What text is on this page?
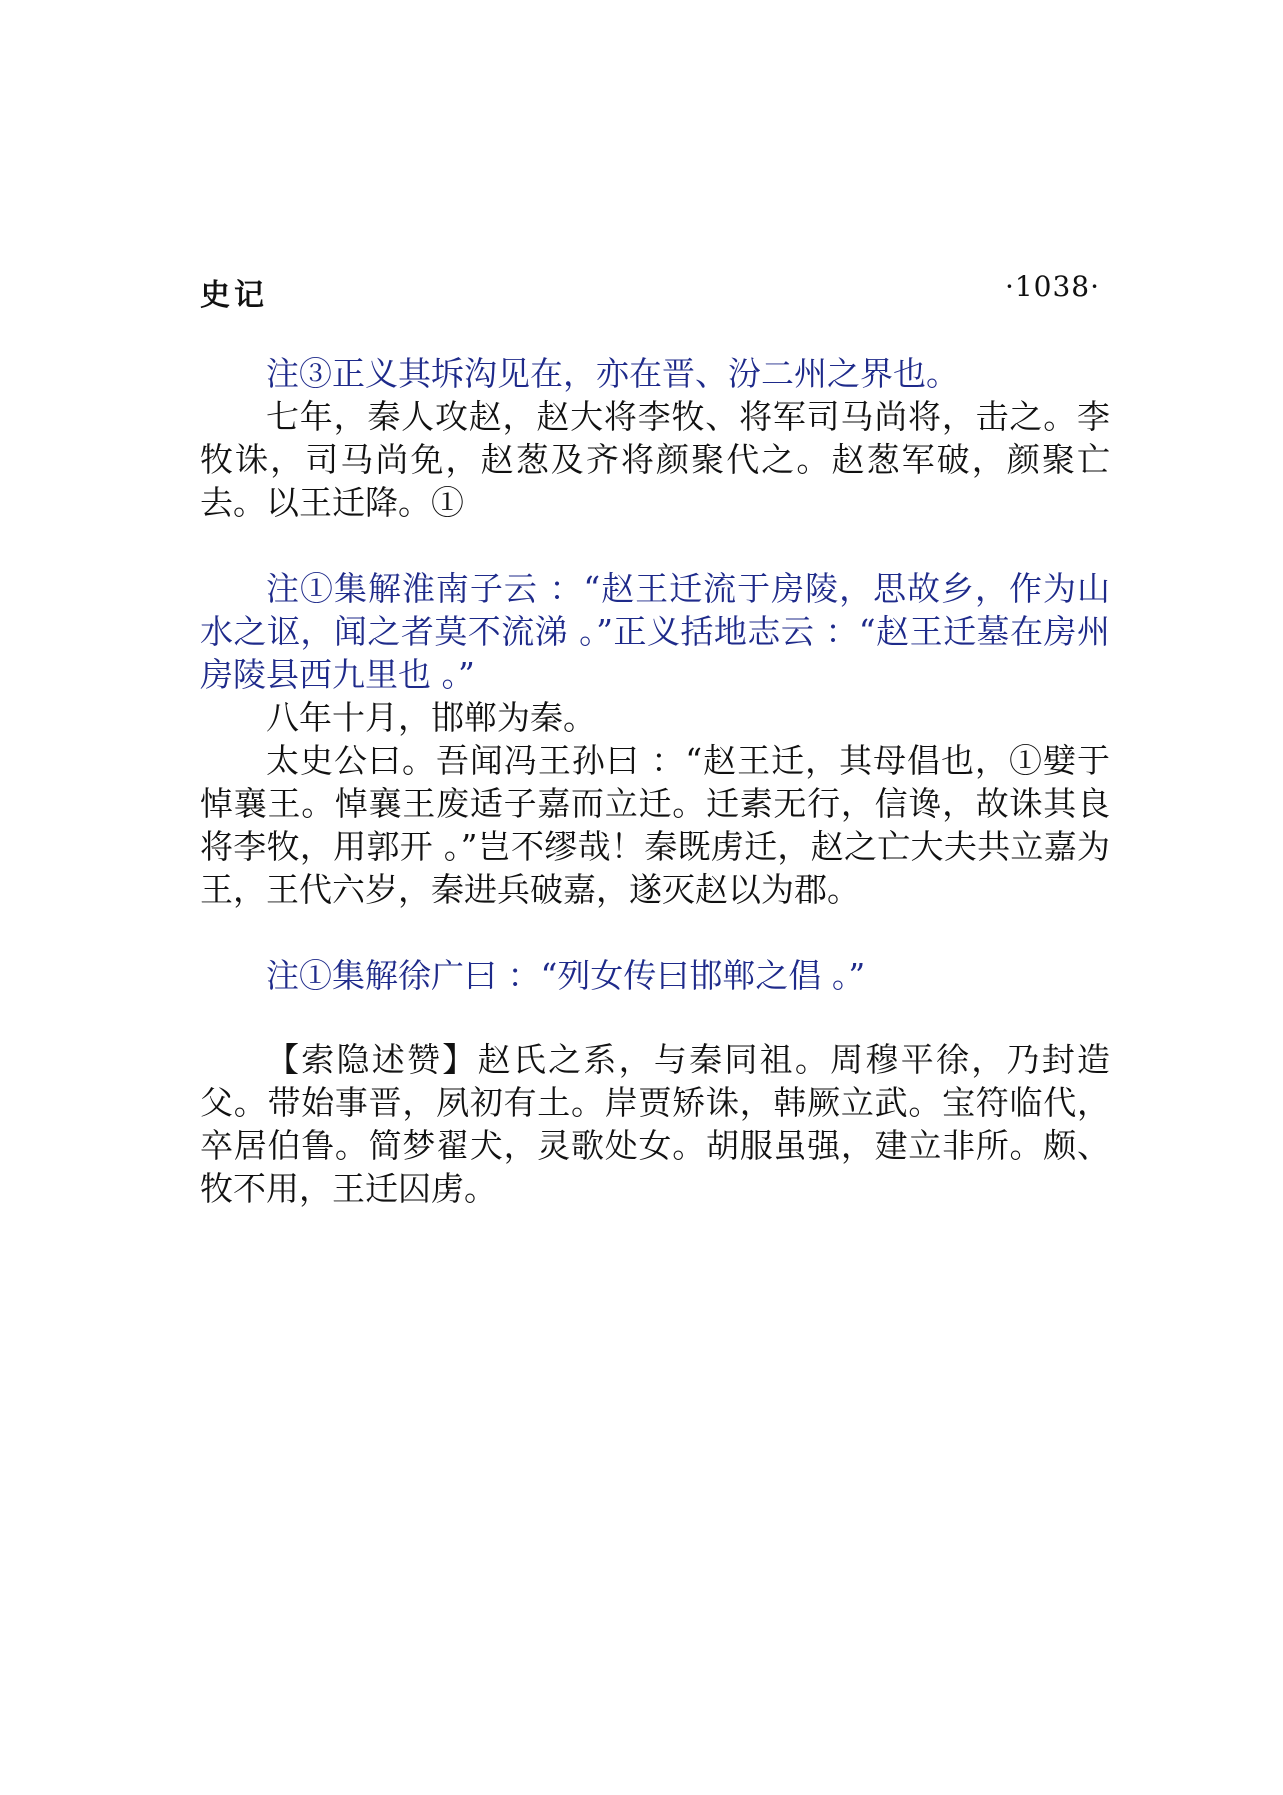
史记	·1038·

注③正义其坼沟见在，亦在晋、汾二州之界也。

七年，秦人攻赵，赵大将李牧、将军司马尚将，击之。李牧诛，司马尚免，赵葱及齐将颜聚代之。赵葱军破，颜聚亡去。以王迁降。①

注①集解淮南子云 ：“赵王迁流于房陵，思故乡，作为山水之讴，闻之者莫不流涕 。”正义括地志云 ：“赵王迁墓在房州房陵县西九里也 。”

八年十月，邯郸为秦。

太史公曰。吾闻冯王孙曰 ：“赵王迁，其母倡也，①嬖于悼襄王。悼襄王废适子嘉而立迁。迁素无行，信谗，故诛其良将李牧，用郭开 。”岂不缪哉！秦既虏迁，赵之亡大夫共立嘉为王，王代六岁，秦进兵破嘉，遂灭赵以为郡。

注①集解徐广曰 ：“列女传曰邯郸之倡 。”

【索隐述赞】赵氏之系，与秦同祖。周穆平徐，乃封造父。带始事晋，夙初有土。岸贾矫诛，韩厥立武。宝符临代，卒居伯鲁。简梦翟犬，灵歌处女。胡服虽强，建立非所。颇、牧不用，王迁囚虏。
